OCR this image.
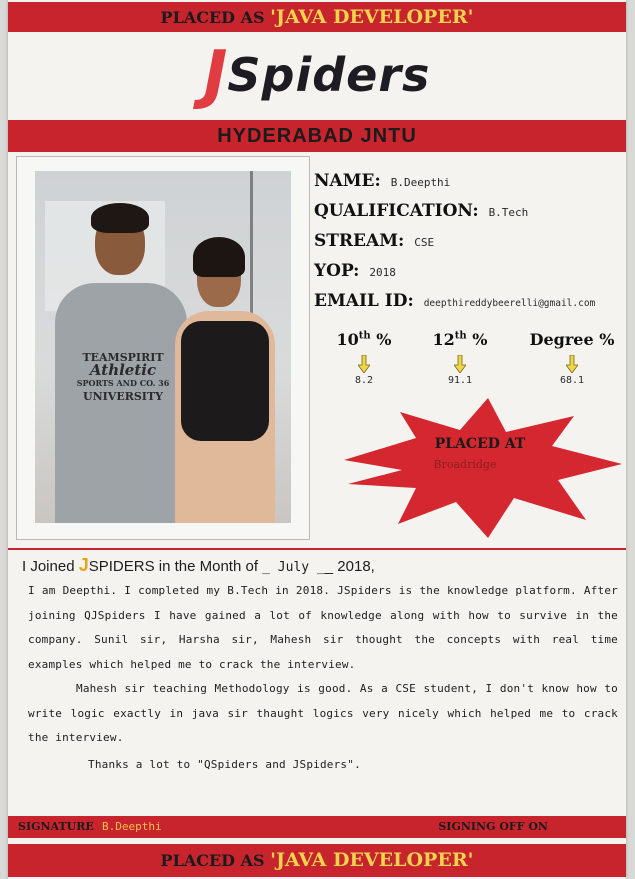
PLACED AS 'JAVA DEVELOPER'
JSpiders
HYDERABAD JNTU
TEAMSPIRIT
Athletic
SPORTS AND CO. 36
UNIVERSITY
NAME: B.Deepthi
QUALIFICATION: B.Tech
STREAM: CSE
YOP: 2018
EMAIL ID: deepthireddybeerelli@gmail.com
10th %
8.2
12th %
91.1
Degree %
68.1
PLACED AT
Broadridge
I Joined JSPIDERS in the Month of _ July __ 2018,

I am Deepthi. I completed my B.Tech in 2018. JSpiders is the knowledge platform. After joining QJSpiders I have gained a lot of knowledge along with how to survive in the company. Sunil sir, Harsha sir, Mahesh sir thought the concepts with real time examples which helped me to crack the interview.

Mahesh sir teaching Methodology is good. As a CSE student, I don't know how to write logic exactly in java sir thaught logics very nicely which helped me to crack the interview.

Thanks a lot to "QSpiders and JSpiders".

SIGNATURE B.Deepthi	SIGNING OFF ON
PLACED AS 'JAVA DEVELOPER'
